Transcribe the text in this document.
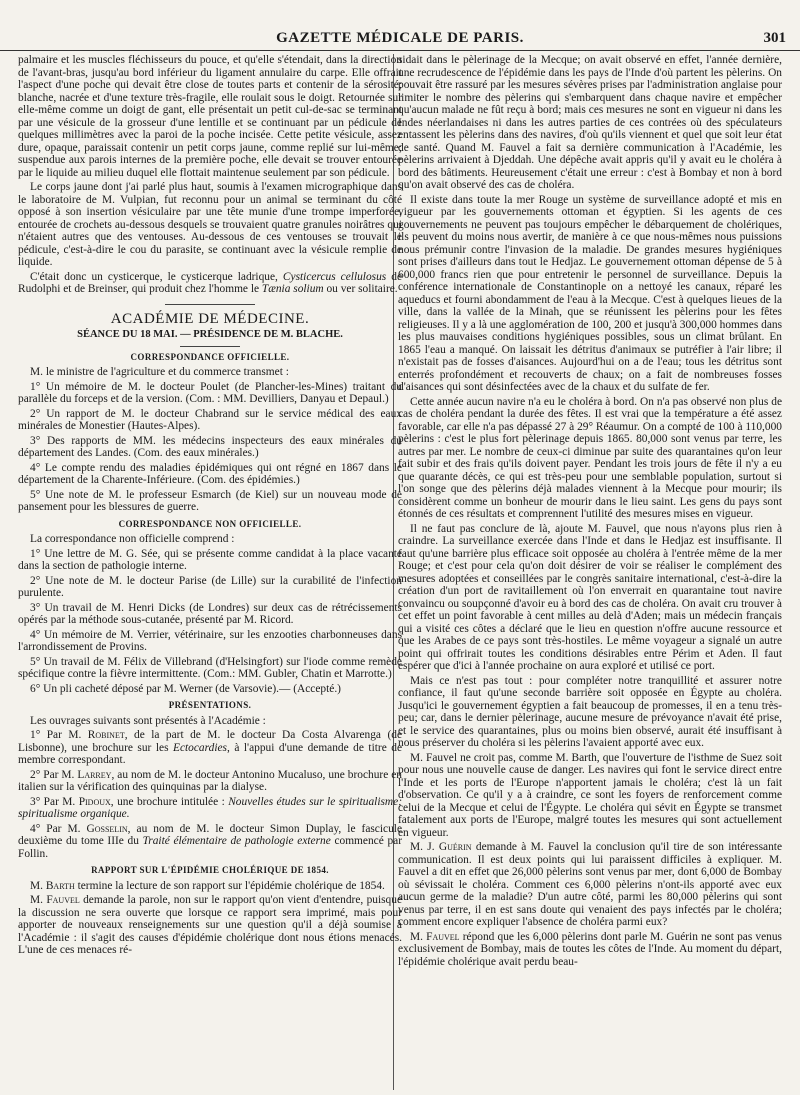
GAZETTE MÉDICALE DE PARIS.	301

palmaire et les muscles fléchisseurs du pouce, et qu'elle s'étendait, dans la direction de l'avant-bras, jusqu'au bord inférieur du ligament annulaire du carpe. Elle offrait l'aspect d'une poche qui devait être close de toutes parts et contenir de la sérosité; blanche, nacrée et d'une texture très-fragile, elle roulait sous le doigt. Retournée sur elle-même comme un doigt de gant, elle présentait un petit cul-de-sac se terminant par une vésicule de la grosseur d'une lentille et se continuant par un pédicule de quelques millimètres avec la paroi de la poche incisée. Cette petite vésicule, assez dure, opaque, paraissait contenir un petit corps jaune, comme replié sur lui-même; suspendue aux parois internes de la première poche, elle devait se trouver entourée par le liquide au milieu duquel elle flottait maintenue seulement par son pédicule.

Le corps jaune dont j'ai parlé plus haut, soumis à l'examen micrographique dans le laboratoire de M. Vulpian, fut reconnu pour un animal se terminant du côté opposé à son insertion vésiculaire par une tête munie d'une trompe imperforée, entourée de crochets au-dessous desquels se trouvaient quatre granules noirâtres qui n'étaient autres que des ventouses. Au-dessous de ces ventouses se trouvait le pédicule, c'est-à-dire le cou du parasite, se continuant avec la vésicule remplie de liquide.

C'était donc un cysticerque, le cysticerque ladrique, Cysticercus cellulosus de Rudolphi et de Breinser, qui produit chez l'homme le Tænia solium ou ver solitaire.

ACADÉMIE DE MÉDECINE.
SÉANCE DU 18 MAI. — PRÉSIDENCE DE M. BLACHE.
CORRESPONDANCE OFFICIELLE.

M. le ministre de l'agriculture et du commerce transmet :

1° Un mémoire de M. le docteur Poulet (de Plancher-les-Mines) traitant du parallèle du forceps et de la version. (Com. : MM. Devilliers, Danyau et Depaul.)

2° Un rapport de M. le docteur Chabrand sur le service médical des eaux minérales de Monestier (Hautes-Alpes).

3° Des rapports de MM. les médecins inspecteurs des eaux minérales du département des Landes. (Com. des eaux minérales.)

4° Le compte rendu des maladies épidémiques qui ont régné en 1867 dans le département de la Charente-Inférieure. (Com. des épidémies.)

5° Une note de M. le professeur Esmarch (de Kiel) sur un nouveau mode de pansement pour les blessures de guerre.

CORRESPONDANCE NON OFFICIELLE.

La correspondance non officielle comprend :

1° Une lettre de M. G. Sée, qui se présente comme candidat à la place vacante dans la section de pathologie interne.

2° Une note de M. le docteur Parise (de Lille) sur la curabilité de l'infection purulente.

3° Un travail de M. Henri Dicks (de Londres) sur deux cas de rétrécissements opérés par la méthode sous-cutanée, présenté par M. Ricord.

4° Un mémoire de M. Verrier, vétérinaire, sur les enzooties charbonneuses dans l'arrondissement de Provins.

5° Un travail de M. Félix de Villebrand (d'Helsingfort) sur l'iode comme remède spécifique contre la fièvre intermittente. (Com.: MM. Gubler, Chatin et Marrotte.)

6° Un pli cacheté déposé par M. Werner (de Varsovie).— (Accepté.)

PRÉSENTATIONS.

Les ouvrages suivants sont présentés à l'Académie :

1° Par M. Robinet, de la part de M. le docteur Da Costa Alvarenga (de Lisbonne), une brochure sur les Ectocardies, à l'appui d'une demande de titre de membre correspondant.

2° Par M. Larrey, au nom de M. le docteur Antonino Mucaluso, une brochure en italien sur la vérification des quinquinas par la dialyse.

3° Par M. Pidoux, une brochure intitulée : Nouvelles études sur le spiritualisme; spiritualisme organique.

4° Par M. Gosselin, au nom de M. le docteur Simon Duplay, le fascicule deuxième du tome IIIe du Traité élémentaire de pathologie externe commencé par Follin.

RAPPORT SUR L'ÉPIDÉMIE CHOLÉRIQUE DE 1854.

M. Barth termine la lecture de son rapport sur l'épidémie cholérique de 1854.

M. Fauvel demande la parole, non sur le rapport qu'on vient d'entendre, puisque la discussion ne sera ouverte que lorsque ce rapport sera imprimé, mais pour apporter de nouveaux renseignements sur une question qu'il a déjà soumise à l'Académie : il s'agit des causes d'épidémie cholérique dont nous étions menacés. L'une de ces menaces ré-

sidait dans le pèlerinage de la Mecque; on avait observé en effet, l'année dernière, une recrudescence de l'épidémie dans les pays de l'Inde d'où partent les pèlerins. On pouvait être rassuré par les mesures sévères prises par l'administration anglaise pour limiter le nombre des pèlerins qui s'embarquent dans chaque navire et empêcher qu'aucun malade ne fût reçu à bord; mais ces mesures ne sont en vigueur ni dans les Indes néerlandaises ni dans les autres parties de ces contrées où des spéculateurs entassent les pèlerins dans des navires, d'où qu'ils viennent et quel que soit leur état de santé. Quand M. Fauvel a fait sa dernière communication à l'Académie, les pèlerins arrivaient à Djeddah. Une dépêche avait appris qu'il y avait eu le choléra à bord des bâtiments. Heureusement c'était une erreur : c'est à Bombay et non à bord qu'on avait observé des cas de choléra.

Il existe dans toute la mer Rouge un système de surveillance adopté et mis en vigueur par les gouvernements ottoman et égyptien. Si les agents de ces gouvernements ne peuvent pas toujours empêcher le débarquement de cholériques, ils peuvent du moins nous avertir, de manière à ce que nous-mêmes nous puissions nous prémunir contre l'invasion de la maladie. De grandes mesures hygiéniques sont prises d'ailleurs dans tout le Hedjaz. Le gouvernement ottoman dépense de 5 à 600,000 francs rien que pour entretenir le personnel de surveillance. Depuis la conférence internationale de Constantinople on a nettoyé les canaux, réparé les aqueducs et fourni abondamment de l'eau à la Mecque. C'est à quelques lieues de la ville, dans la vallée de la Minah, que se réunissent les pèlerins pour les fêtes religieuses. Il y a là une agglomération de 100, 200 et jusqu'à 300,000 hommes dans les plus mauvaises conditions hygiéniques possibles, sous un climat brûlant. En 1865 l'eau a manqué. On laissait les détritus d'animaux se putréfier à l'air libre; il n'existait pas de fosses d'aisances. Aujourd'hui on a de l'eau; tous les détritus sont enterrés profondément et recouverts de chaux; on a fait de nombreuses fosses d'aisances qui sont désinfectées avec de la chaux et du sulfate de fer.

Cette année aucun navire n'a eu le choléra à bord. On n'a pas observé non plus de cas de choléra pendant la durée des fêtes. Il est vrai que la température a été assez favorable, car elle n'a pas dépassé 27 à 29° Réaumur. On a compté de 100 à 110,000 pèlerins : c'est le plus fort pèlerinage depuis 1865. 80,000 sont venus par terre, les autres par mer. Le nombre de ceux-ci diminue par suite des quarantaines qu'on leur fait subir et des frais qu'ils doivent payer. Pendant les trois jours de fête il n'y a eu que quarante décès, ce qui est très-peu pour une semblable population, surtout si l'on songe que des pèlerins déjà malades viennent à la Mecque pour mourir; ils considèrent comme un bonheur de mourir dans le lieu saint. Les gens du pays sont étonnés de ces résultats et comprennent l'utilité des mesures mises en vigueur.

Il ne faut pas conclure de là, ajoute M. Fauvel, que nous n'ayons plus rien à craindre. La surveillance exercée dans l'Inde et dans le Hedjaz est insuffisante. Il faut qu'une barrière plus efficace soit opposée au choléra à l'entrée même de la mer Rouge; et c'est pour cela qu'on doit désirer de voir se réaliser le complément des mesures adoptées et conseillées par le congrès sanitaire international, c'est-à-dire la création d'un port de ravitaillement où l'on enverrait en quarantaine tout navire convaincu ou soupçonné d'avoir eu à bord des cas de choléra. On avait cru trouver à cet effet un point favorable à cent milles au delà d'Aden; mais un médecin français qui a visité ces côtes a déclaré que le lieu en question n'offre aucune ressource et que les Arabes de ce pays sont très-hostiles. Le même voyageur a signalé un autre point qui offrirait toutes les conditions désirables entre Périm et Aden. Il faut espérer que d'ici à l'année prochaine on aura exploré et utilisé ce port.

Mais ce n'est pas tout : pour compléter notre tranquillité et assurer notre confiance, il faut qu'une seconde barrière soit opposée en Égypte au choléra. Jusqu'ici le gouvernement égyptien a fait beaucoup de promesses, il en a tenu très-peu; car, dans le dernier pèlerinage, aucune mesure de prévoyance n'avait été prise, et le service des quarantaines, plus ou moins bien observé, aurait été insuffisant à nous préserver du choléra si les pèlerins l'avaient apporté avec eux.

M. Fauvel ne croit pas, comme M. Barth, que l'ouverture de l'isthme de Suez soit pour nous une nouvelle cause de danger. Les navires qui font le service direct entre l'Inde et les ports de l'Europe n'apportent jamais le choléra; c'est là un fait d'observation. Ce qu'il y a à craindre, ce sont les foyers de renforcement comme celui de la Mecque et celui de l'Égypte. Le choléra qui sévit en Égypte se transmet fatalement aux ports de l'Europe, malgré toutes les mesures qui sont actuellement en vigueur.

M. J. Guérin demande à M. Fauvel la conclusion qu'il tire de son intéressante communication. Il est deux points qui lui paraissent difficiles à expliquer. M. Fauvel a dit en effet que 26,000 pèlerins sont venus par mer, dont 6,000 de Bombay où sévissait le choléra. Comment ces 6,000 pèlerins n'ont-ils apporté avec eux aucun germe de la maladie? D'un autre côté, parmi les 80,000 pèlerins qui sont venus par terre, il en est sans doute qui venaient des pays infectés par le choléra; comment encore expliquer l'absence de choléra parmi eux?

M. Fauvel répond que les 6,000 pèlerins dont parle M. Guérin ne sont pas venus exclusivement de Bombay, mais de toutes les côtes de l'Inde. Au moment du départ, l'épidémie cholérique avait perdu beau-
